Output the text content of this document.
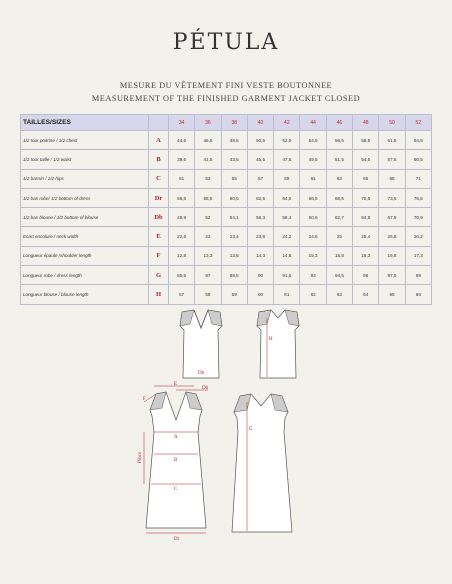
PÉTULA
MESURE DU VÊTEMENT FINI VESTE BOUTONNEE
MEASUREMENT OF THE FINISHED GARMENT JACKET CLOSED
TAILLES/SIZES		34	36	38	40	42	44	46	48	50	52
1/2 tour poitrine / 1/2 chest	A	44,5	46,5	48,5	50,5	52,5	54,5	56,5	58,5	61,5	64,5
1/2 tour taille / 1/2 waist	B	39,5	41,5	43,5	45,5	47,5	49,5	51,5	54,5	57,5	60,5
1/2 bassin / 1/2 hips	C	51	53	55	57	59	61	63	65	68	71
1/2 bas robe/ 1/2 bottom of dress	Dr	56,5	58,5	60,5	62,5	64,5	66,5	68,5	70,5	73,5	76,5
1/2 bas blouse / 1/2 bottom of blouse	Db	49,9	52	54,1	56,3	58,4	60,6	62,7	64,8	67,9	70,9
Ecart encolure / neck width	E	22,6	23	23,4	23,8	24,2	24,6	25	25,4	25,8	26,2
Longueur épaule /shoulder length	F	12,8	13,3	13,8	14,3	14,8	15,3	15,8	16,3	16,8	17,3
Longueur robe / dress length	G	85,5	87	88,5	90	91,5	93	94,5	96	97,5	99
Longueur blouse / blouse length	H	57	58	59	60	61	62	63	64	65	66
Db
H
E
Db
F
A
B
C
Pince
Dr
G
